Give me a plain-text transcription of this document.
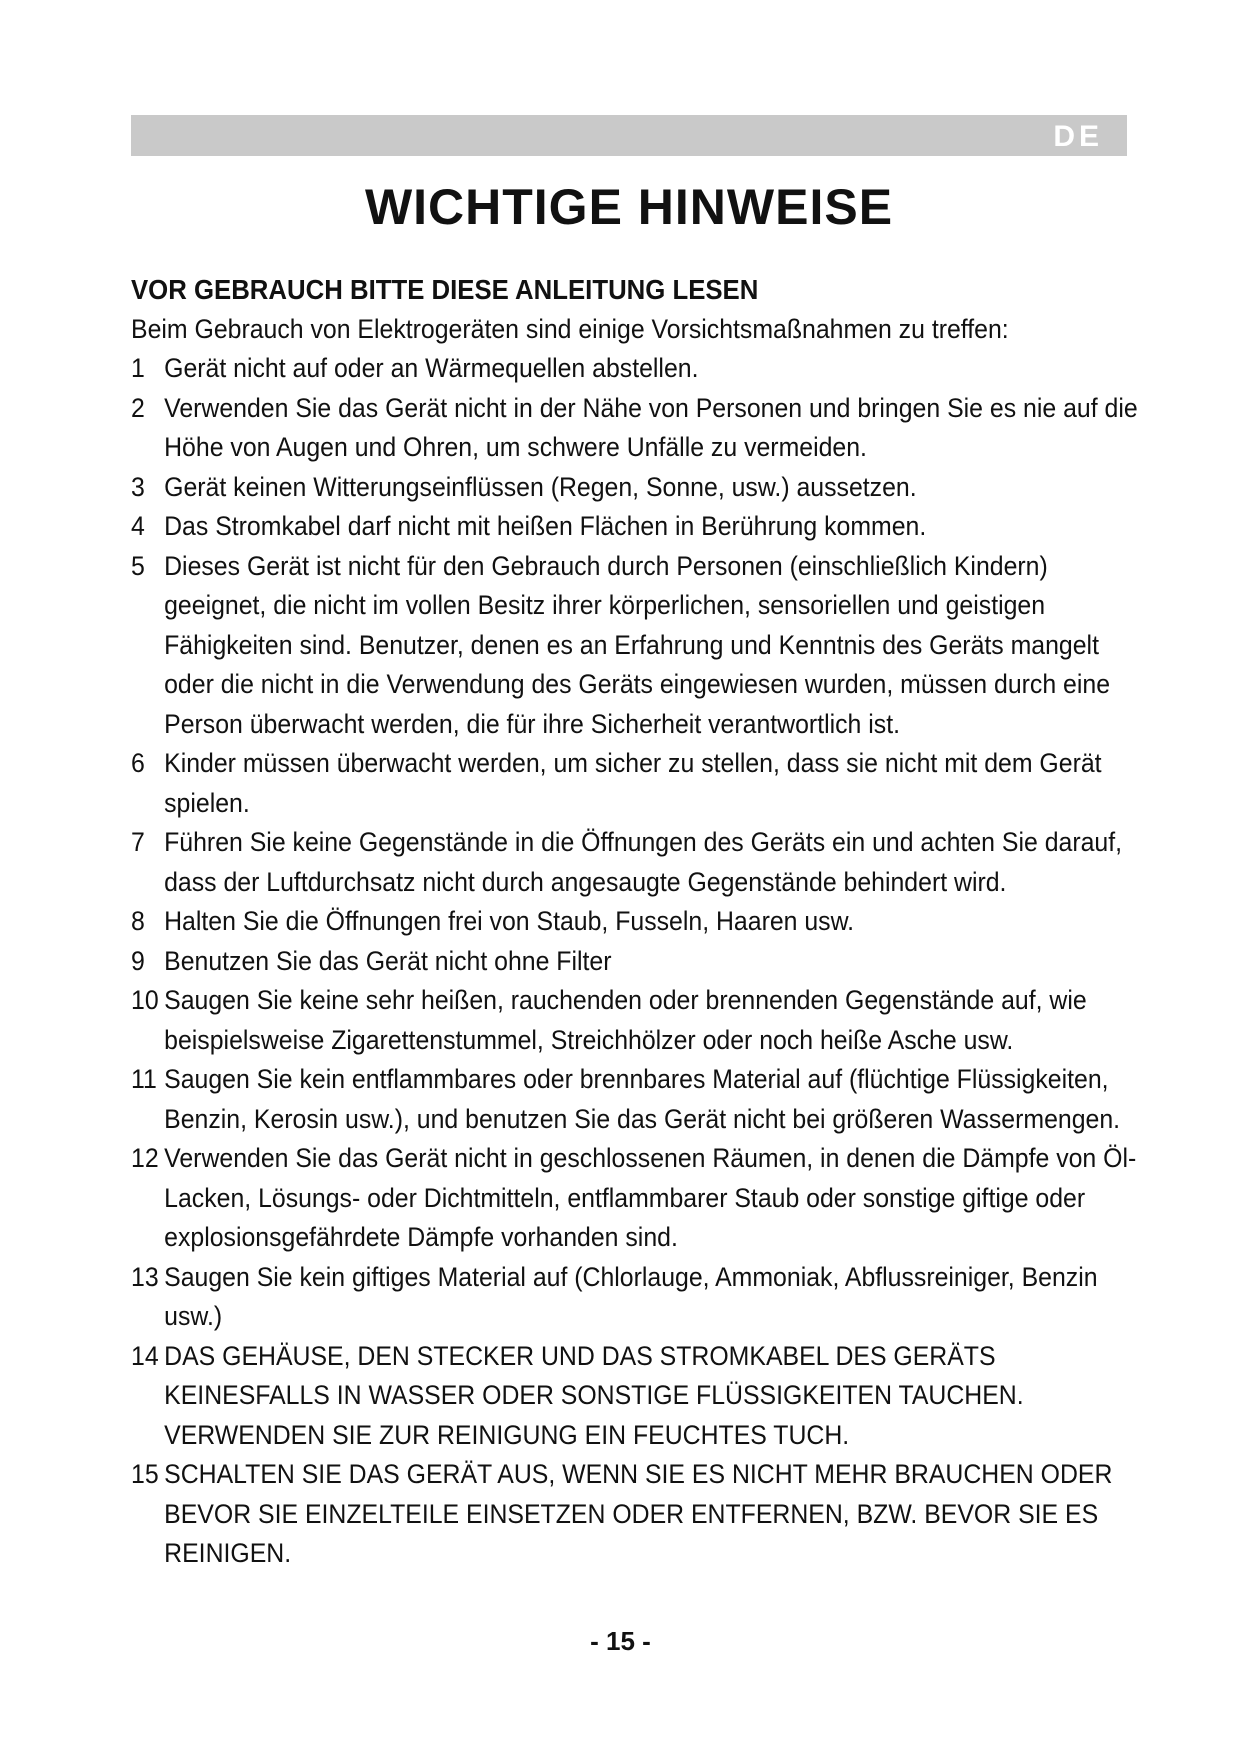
DE
WICHTIGE HINWEISE
VOR GEBRAUCH BITTE DIESE ANLEITUNG LESEN
Beim Gebrauch von Elektrogeräten sind einige Vorsichtsmaßnahmen zu treffen:
1 Gerät nicht auf oder an Wärmequellen abstellen.
2 Verwenden Sie das Gerät nicht in der Nähe von Personen und bringen Sie es nie auf die Höhe von Augen und Ohren, um schwere Unfälle zu vermeiden.
3 Gerät keinen Witterungseinflüssen (Regen, Sonne, usw.) aussetzen.
4 Das Stromkabel darf nicht mit heißen Flächen in Berührung kommen.
5 Dieses Gerät ist nicht für den Gebrauch durch Personen (einschließlich Kindern) geeignet, die nicht im vollen Besitz ihrer körperlichen, sensoriellen und geistigen Fähigkeiten sind. Benutzer, denen es an Erfahrung und Kenntnis des Geräts mangelt oder die nicht in die Verwendung des Geräts eingewiesen wurden, müssen durch eine Person überwacht werden, die für ihre Sicherheit verantwortlich ist.
6 Kinder müssen überwacht werden, um sicher zu stellen, dass sie nicht mit dem Gerät spielen.
7 Führen Sie keine Gegenstände in die Öffnungen des Geräts ein und achten Sie darauf, dass der Luftdurchsatz nicht durch angesaugte Gegenstände behindert wird.
8 Halten Sie die Öffnungen frei von Staub, Fusseln, Haaren usw.
9 Benutzen Sie das Gerät nicht ohne Filter
10 Saugen Sie keine sehr heißen, rauchenden oder brennenden Gegenstände auf, wie beispielsweise Zigarettenstummel, Streichhölzer oder noch heiße Asche usw.
11 Saugen Sie kein entflammbares oder brennbares Material auf (flüchtige Flüssigkeiten, Benzin, Kerosin usw.), und benutzen Sie das Gerät nicht bei größeren Wassermengen.
12 Verwenden Sie das Gerät nicht in geschlossenen Räumen, in denen die Dämpfe von Öl-Lacken, Lösungs- oder Dichtmitteln, entflammbarer Staub oder sonstige giftige oder explosionsgefährdete Dämpfe vorhanden sind.
13 Saugen Sie kein giftiges Material auf (Chlorlauge, Ammoniak, Abflussreiniger, Benzin usw.)
14 DAS GEHÄUSE, DEN STECKER UND DAS STROMKABEL DES GERÄTS KEINESFALLS IN WASSER ODER SONSTIGE FLÜSSIGKEITEN TAUCHEN. VERWENDEN SIE ZUR REINIGUNG EIN FEUCHTES TUCH.
15 SCHALTEN SIE DAS GERÄT AUS, WENN SIE ES NICHT MEHR BRAUCHEN ODER BEVOR SIE EINZELTEILE EINSETZEN ODER ENTFERNEN, BZW. BEVOR SIE ES REINIGEN.
- 15 -
